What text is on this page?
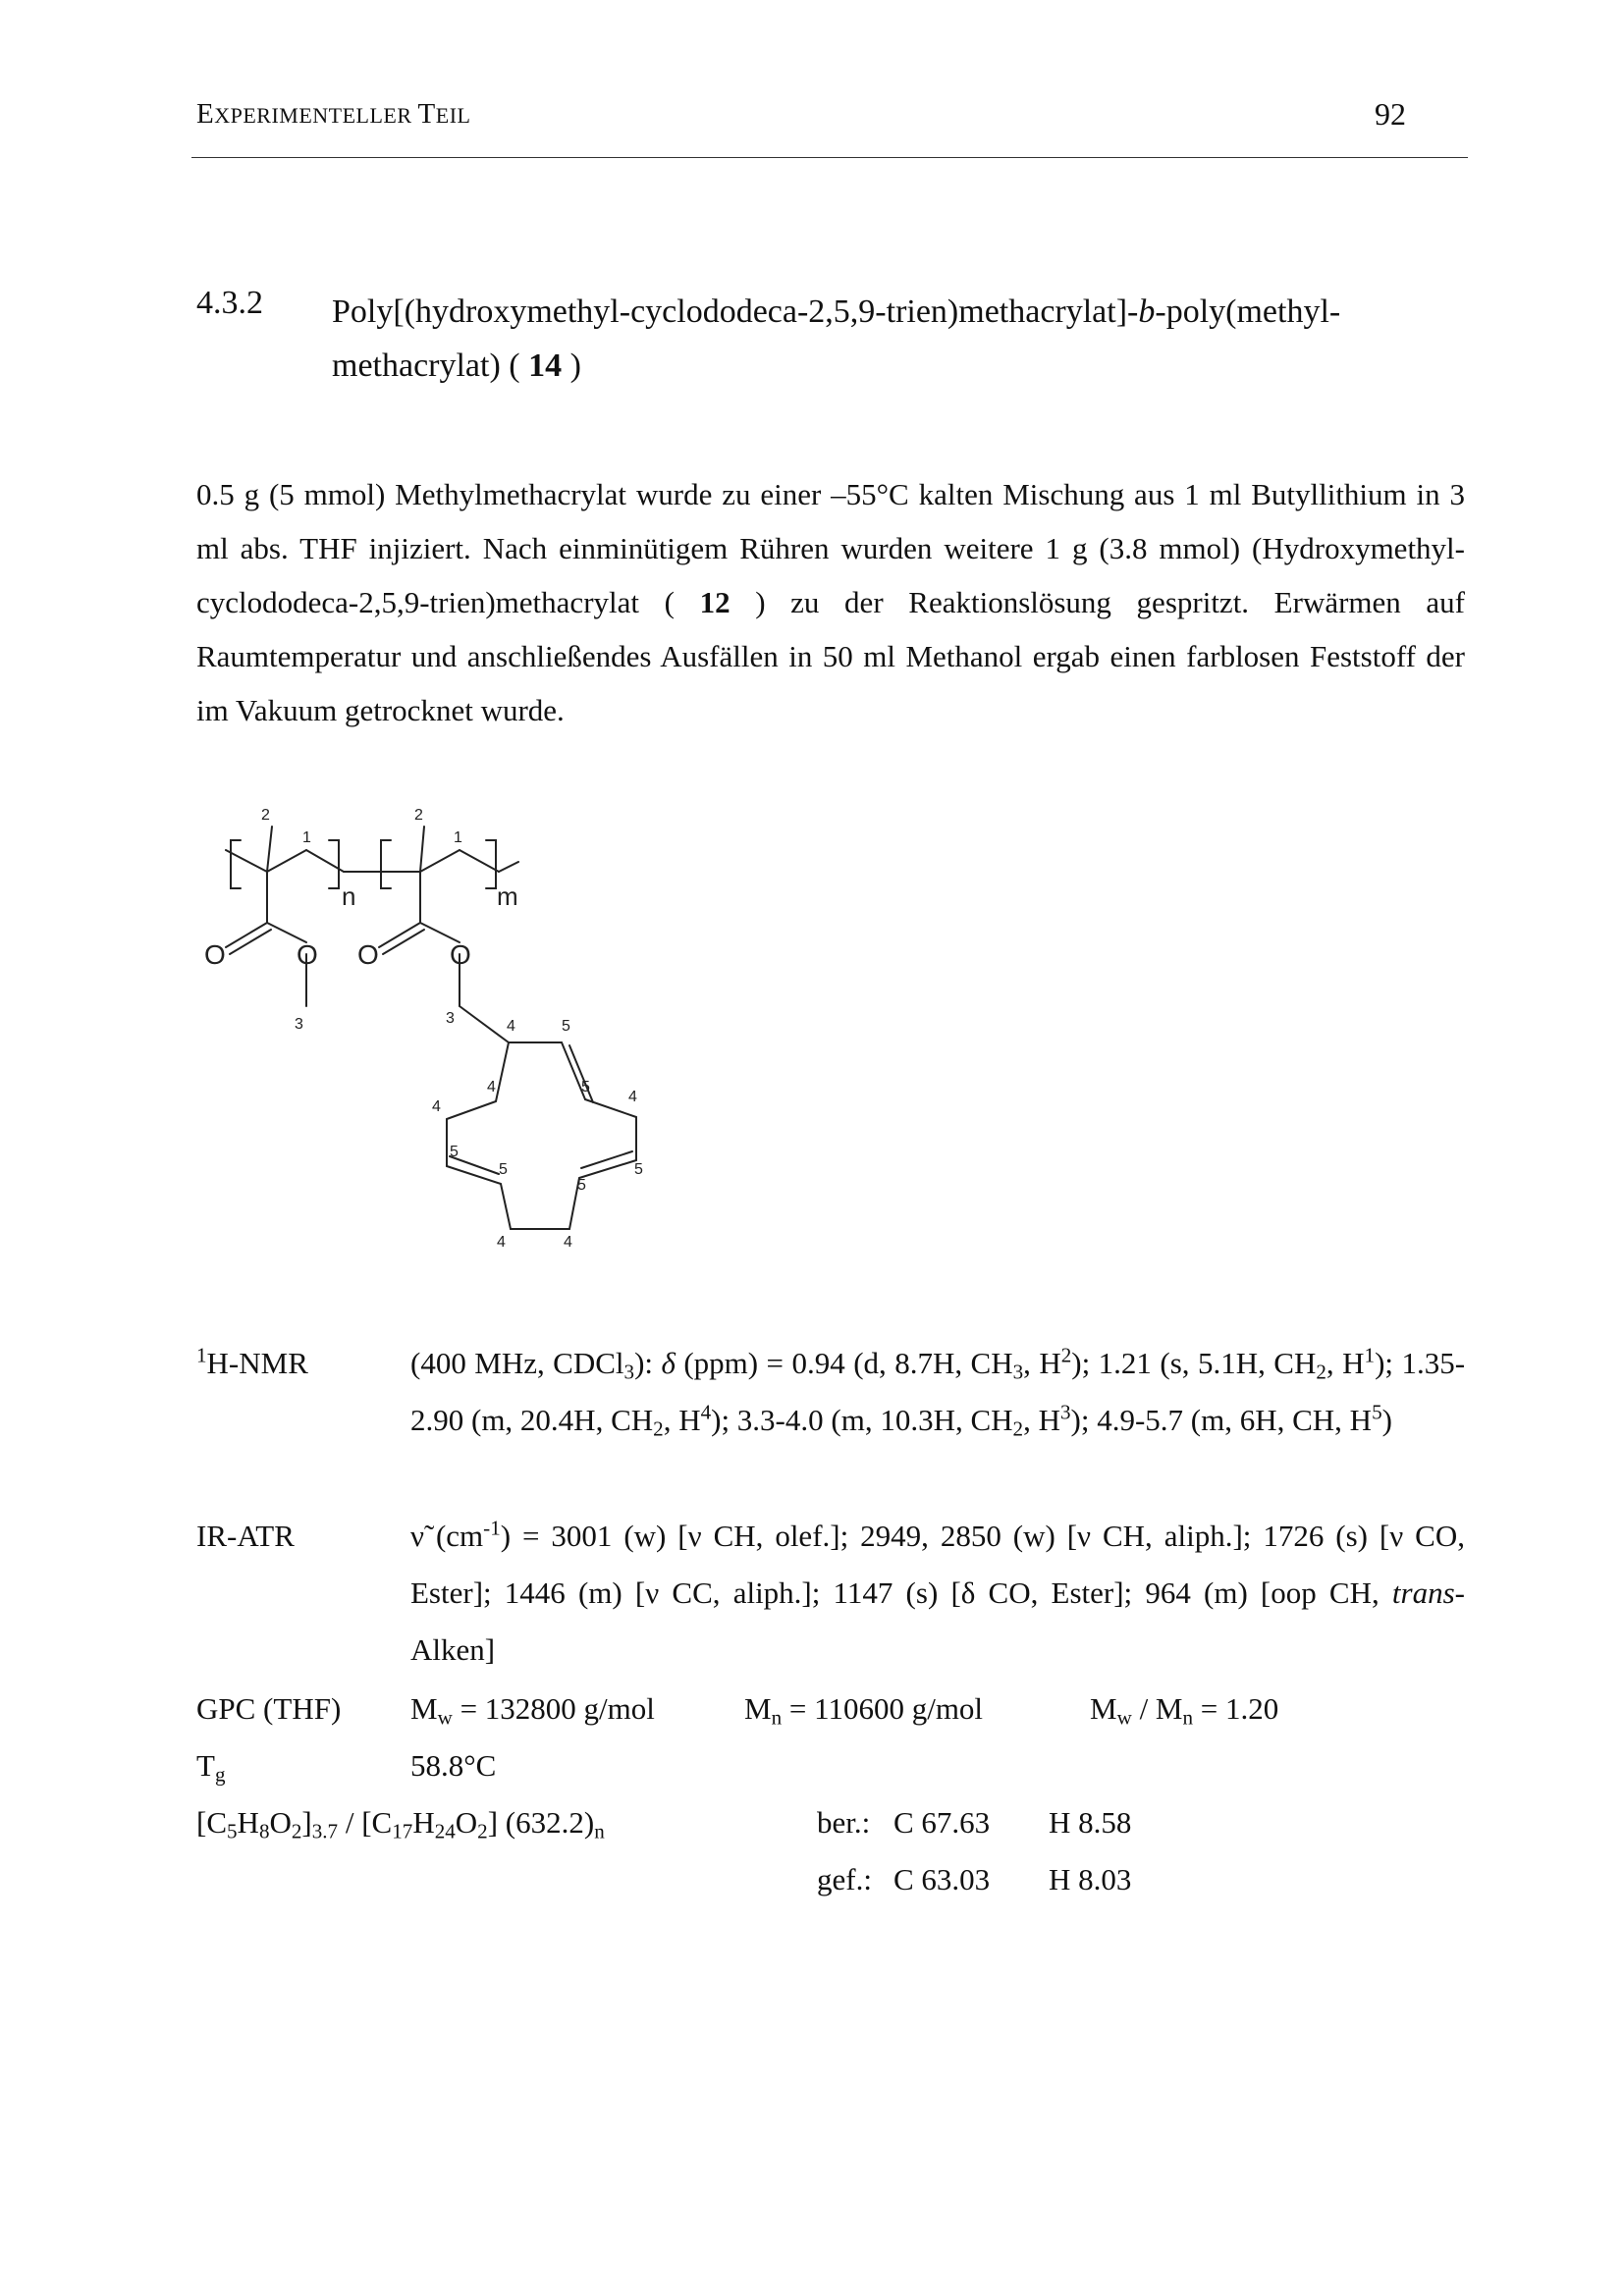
EXPERIMENTELLER TEIL	92
4.3.2 Poly[(hydroxymethyl-cyclododeca-2,5,9-trien)methacrylat]-b-poly(methyl-methacrylat) ( 14 )

0.5 g (5 mmol) Methylmethacrylat wurde zu einer –55°C kalten Mischung aus 1 ml Butyllithium in 3 ml abs. THF injiziert. Nach einminütigem Rühren wurden weitere 1 g (3.8 mmol) (Hydroxymethyl-cyclododeca-2,5,9-trien)methacrylat ( 12 ) zu der Reaktionslösung gespritzt. Erwärmen auf Raumtemperatur und anschließendes Ausfällen in 50 ml Methanol ergab einen farblosen Feststoff der im Vakuum getrocknet wurde.

2
1
n
O	O
3
2
1
m
O	O
3	4	5
4	5
4
4
5
5	5
5
4	4
$^1$H-NMR	(400 MHz, CDCl$_3$): δ (ppm) = 0.94 (d, 8.7H, $CH_3$, $H^2$); 1.21 (s, 5.1H, $CH_2$, $H^1$); 1.35-2.90 (m, 20.4H, $CH_2$, $H^4$); 3.3-4.0 (m, 10.3H, $CH_2$, $H^3$); 4.9-5.7 (m, 6H, CH, $H^5$)
IR-ATR	ν̃ $(cm^{-1}) = 3001$ (w) [ν CH, olef.]; 2949, 2850 (w) [ν CH, aliph.]; 1726 (s) [ν CO, Ester]; 1446 (m) [ν CC, aliph.]; 1147 (s) [δ CO, Ester]; 964 (m) [oop CH, trans-Alken]
GPC (THF) $M_w = 132800$ g/mol	$M_n = 110600$ g/mol	$M_w / M_n = 1.20$
$T_g$	58.8°C
$[C_5H_8O_2]_{3.7} / [C_{17}H_{24}O_2]$ $(632.2)_n$	ber.: C 67.63 H 8.58
gef.: C 63.03 H 8.03
